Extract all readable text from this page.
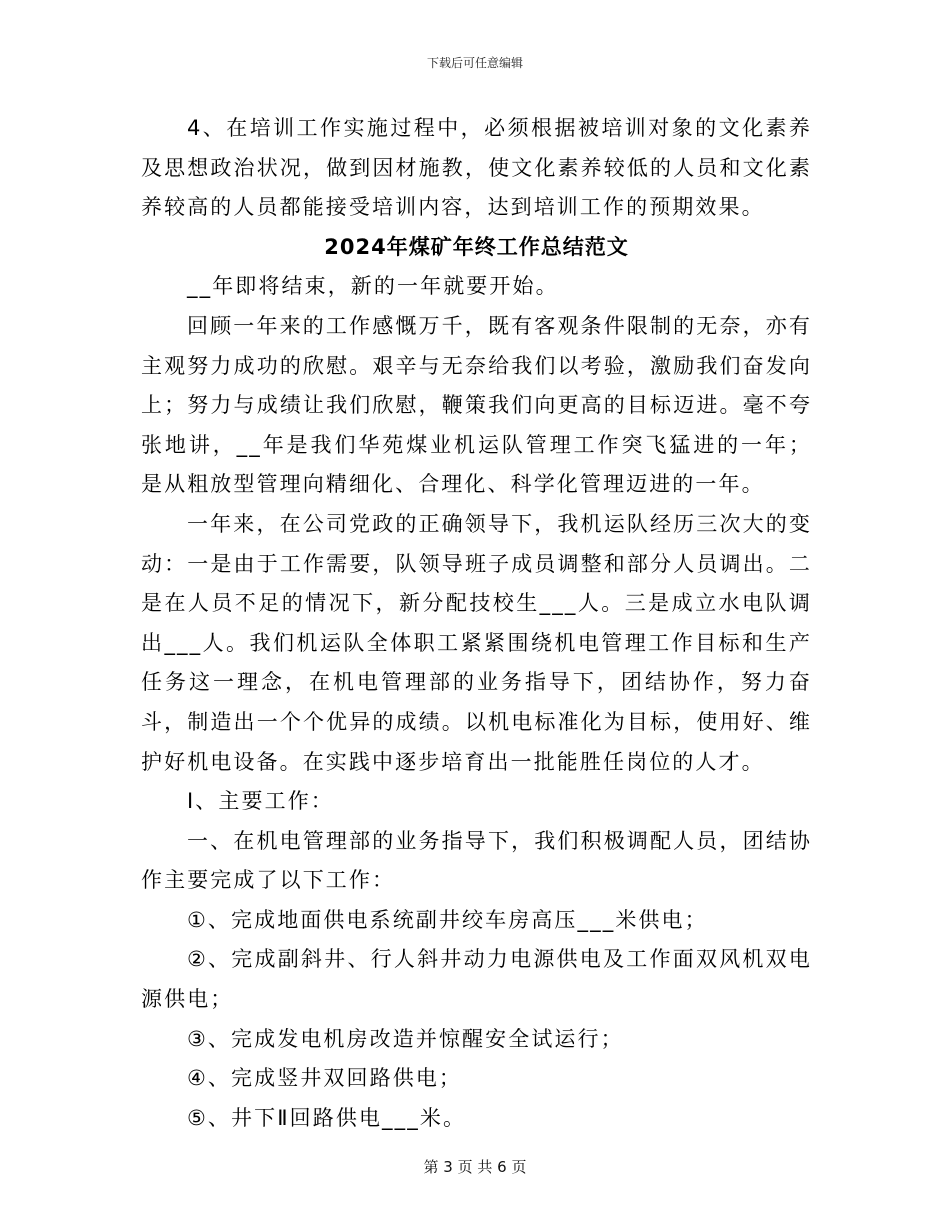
下载后可任意编辑

4、在培训工作实施过程中，必须根据被培训对象的文化素养及思想政治状况，做到因材施教，使文化素养较低的人员和文化素养较高的人员都能接受培训内容，达到培训工作的预期效果。

2024年煤矿年终工作总结范文

__年即将结束，新的一年就要开始。

回顾一年来的工作感慨万千，既有客观条件限制的无奈，亦有主观努力成功的欣慰。艰辛与无奈给我们以考验，激励我们奋发向上；努力与成绩让我们欣慰，鞭策我们向更高的目标迈进。毫不夸张地讲，__年是我们华苑煤业机运队管理工作突飞猛进的一年；是从粗放型管理向精细化、合理化、科学化管理迈进的一年。

一年来，在公司党政的正确领导下，我机运队经历三次大的变动：一是由于工作需要，队领导班子成员调整和部分人员调出。二是在人员不足的情况下，新分配技校生___人。三是成立水电队调出___人。我们机运队全体职工紧紧围绕机电管理工作目标和生产任务这一理念，在机电管理部的业务指导下，团结协作，努力奋斗，制造出一个个优异的成绩。以机电标准化为目标，使用好、维护好机电设备。在实践中逐步培育出一批能胜任岗位的人才。

Ⅰ、主要工作：

一、在机电管理部的业务指导下，我们积极调配人员，团结协作主要完成了以下工作：

①、完成地面供电系统副井绞车房高压___米供电；

②、完成副斜井、行人斜井动力电源供电及工作面双风机双电源供电；

③、完成发电机房改造并惊醒安全试运行；

④、完成竖井双回路供电；

⑤、井下Ⅱ回路供电___米。

第 3 页 共 6 页
